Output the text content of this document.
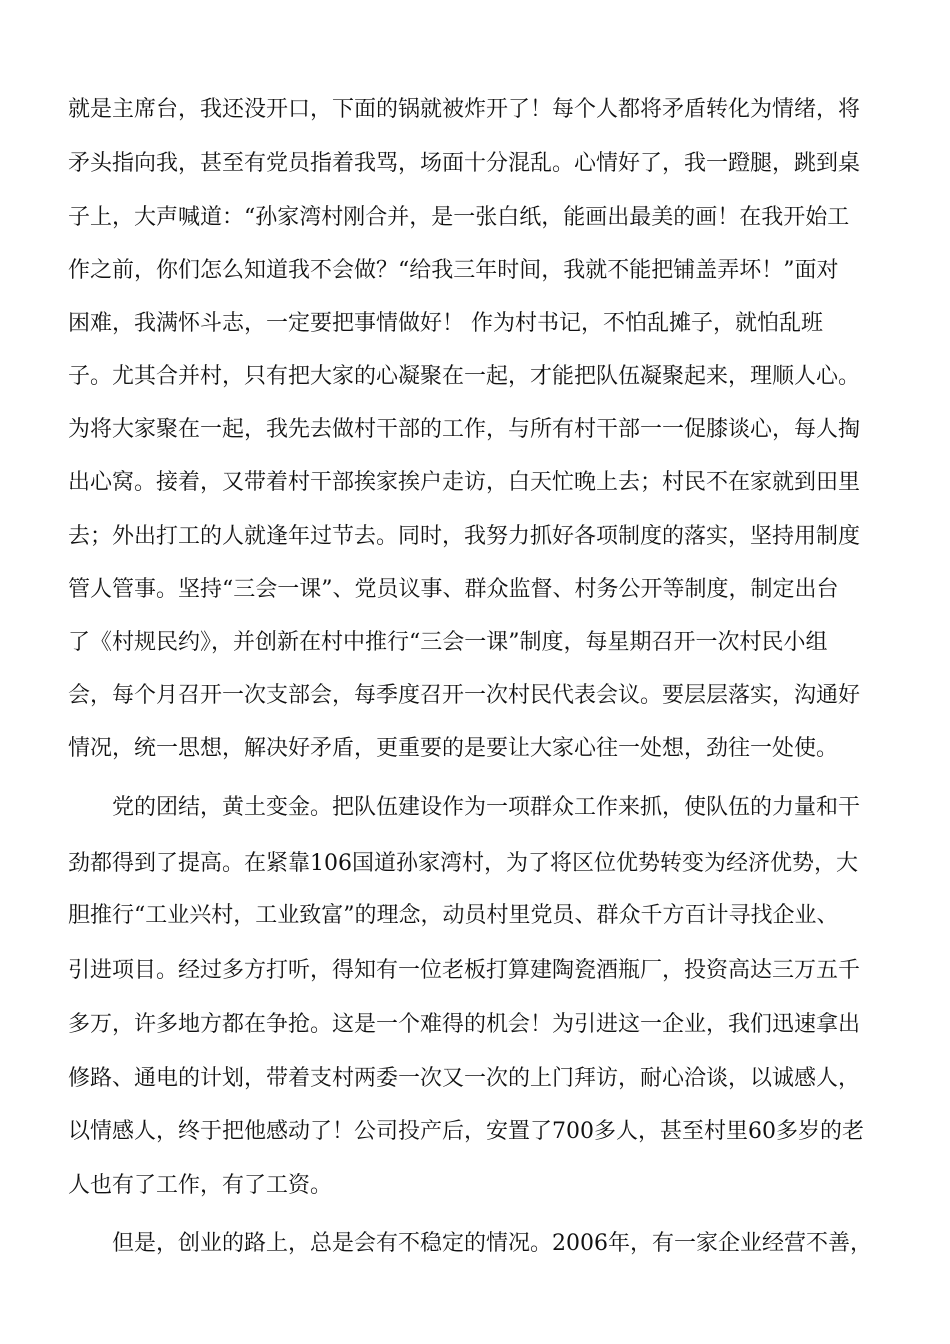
就是主席台，我还没开口，下面的锅就被炸开了！每个人都将矛盾转化为情绪，将
矛头指向我，甚至有党员指着我骂，场面十分混乱。心情好了，我一蹬腿，跳到桌
子上，大声喊道：“孙家湾村刚合并，是一张白纸，能画出最美的画！在我开始工
作之前，你们怎么知道我不会做？“给我三年时间，我就不能把铺盖弄坏！”面对
困难，我满怀斗志，一定要把事情做好！ 作为村书记，不怕乱摊子，就怕乱班
子。尤其合并村，只有把大家的心凝聚在一起，才能把队伍凝聚起来，理顺人心。
为将大家聚在一起，我先去做村干部的工作，与所有村干部一一促膝谈心，每人掏
出心窝。接着，又带着村干部挨家挨户走访，白天忙晚上去；村民不在家就到田里
去；外出打工的人就逢年过节去。同时，我努力抓好各项制度的落实，坚持用制度
管人管事。坚持“三会一课”、党员议事、群众监督、村务公开等制度，制定出台
了《村规民约》，并创新在村中推行“三会一课”制度，每星期召开一次村民小组
会，每个月召开一次支部会，每季度召开一次村民代表会议。要层层落实，沟通好
情况，统一思想，解决好矛盾，更重要的是要让大家心往一处想，劲往一处使。
党的团结，黄土变金。把队伍建设作为一项群众工作来抓，使队伍的力量和干
劲都得到了提高。在紧靠106国道孙家湾村，为了将区位优势转变为经济优势，大
胆推行“工业兴村，工业致富”的理念，动员村里党员、群众千方百计寻找企业、
引进项目。经过多方打听，得知有一位老板打算建陶瓷酒瓶厂，投资高达三万五千
多万，许多地方都在争抢。这是一个难得的机会！为引进这一企业，我们迅速拿出
修路、通电的计划，带着支村两委一次又一次的上门拜访，耐心洽谈，以诚感人，
以情感人，终于把他感动了！公司投产后，安置了700多人，甚至村里60多岁的老
人也有了工作，有了工资。
但是，创业的路上，总是会有不稳定的情况。2006年，有一家企业经营不善，
